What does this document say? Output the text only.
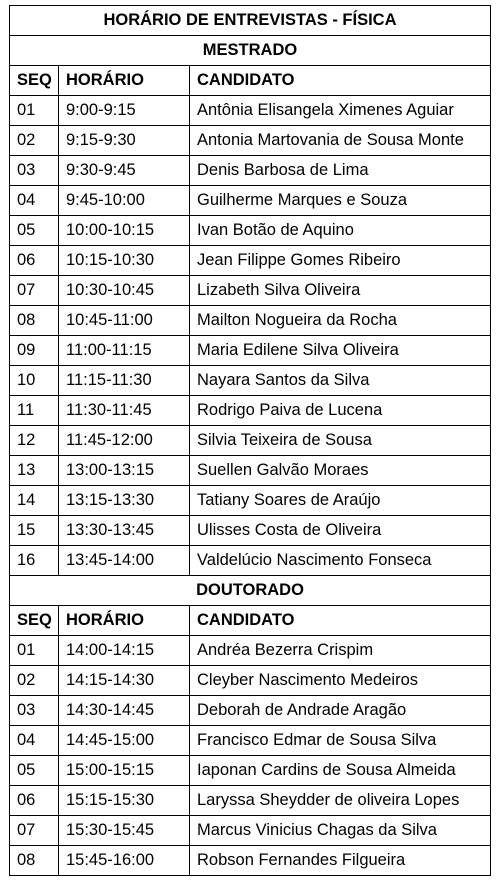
HORÁRIO DE ENTREVISTAS - FÍSICA		
MESTRADO		
SEQ	HORÁRIO	CANDIDATO
01	9:00-9:15	Antônia Elisangela Ximenes Aguiar
02	9:15-9:30	Antonia Martovania de Sousa Monte
03	9:30-9:45	Denis Barbosa de Lima
04	9:45-10:00	Guilherme Marques e Souza
05	10:00-10:15	Ivan Botão de Aquino
06	10:15-10:30	Jean Filippe Gomes Ribeiro
07	10:30-10:45	Lizabeth Silva Oliveira
08	10:45-11:00	Mailton Nogueira da Rocha
09	11:00-11:15	Maria Edilene Silva Oliveira
10	11:15-11:30	Nayara Santos da Silva
11	11:30-11:45	Rodrigo Paiva de Lucena
12	11:45-12:00	Silvia Teixeira de Sousa
13	13:00-13:15	Suellen Galvão Moraes
14	13:15-13:30	Tatiany Soares de Araújo
15	13:30-13:45	Ulisses Costa de Oliveira
16	13:45-14:00	Valdelúcio Nascimento Fonseca
DOUTORADO		
SEQ	HORÁRIO	CANDIDATO
01	14:00-14:15	Andréa Bezerra Crispim
02	14:15-14:30	Cleyber Nascimento Medeiros
03	14:30-14:45	Deborah de Andrade Aragão
04	14:45-15:00	Francisco Edmar de Sousa Silva
05	15:00-15:15	Iaponan Cardins de Sousa Almeida
06	15:15-15:30	Laryssa Sheydder de oliveira Lopes
07	15:30-15:45	Marcus Vinicius Chagas da Silva
08	15:45-16:00	Robson Fernandes Filgueira
